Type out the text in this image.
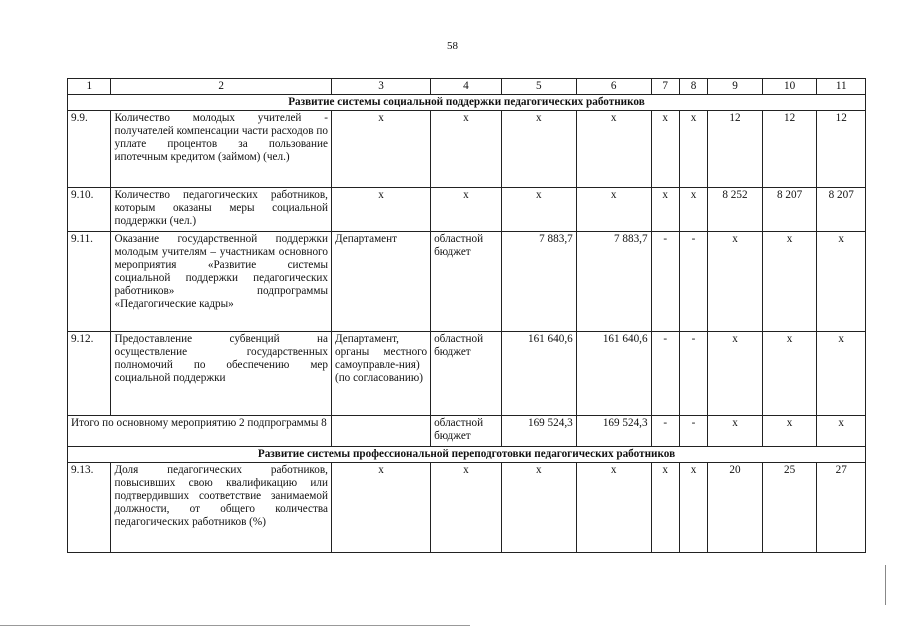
58
1	2	3	4	5	6	7	8	9	10	11
Развитие системы социальной поддержки педагогических работников										
9.9.	Количество молодых учителей - получателей компенсации части расходов по уплате процентов за пользование ипотечным кредитом (займом) (чел.)	х	х	х	х	х	х	12	12	12
9.10.	Количество педагогических работников, которым оказаны меры социальной поддержки (чел.)	х	х	х	х	х	х	8 252	8 207	8 207
9.11.	Оказание государственной поддержки молодым учителям – участникам основного мероприятия «Развитие системы социальной поддержки педагогических работников» подпрограммы «Педагогические кадры»	Департамент	областной бюджет	7 883,7	7 883,7	-	-	х	х	х
9.12.	Предоставление субвенций на осуществление государственных полномочий по обеспечению мер социальной поддержки	Департамент, органы местного самоуправле-ния) (по согласованию)	областной бюджет	161 640,6	161 640,6	-	-	х	х	х
Итого по основному мероприятию 2 подпрограммы 8			областной бюджет	169 524,3	169 524,3	-	-	х	х	х
Развитие системы профессиональной переподготовки педагогических работников										
9.13.	Доля педагогических работников, повысивших свою квалификацию или подтвердивших соответствие занимаемой должности, от общего количества педагогических работников (%)	х	х	х	х	х	х	20	25	27
